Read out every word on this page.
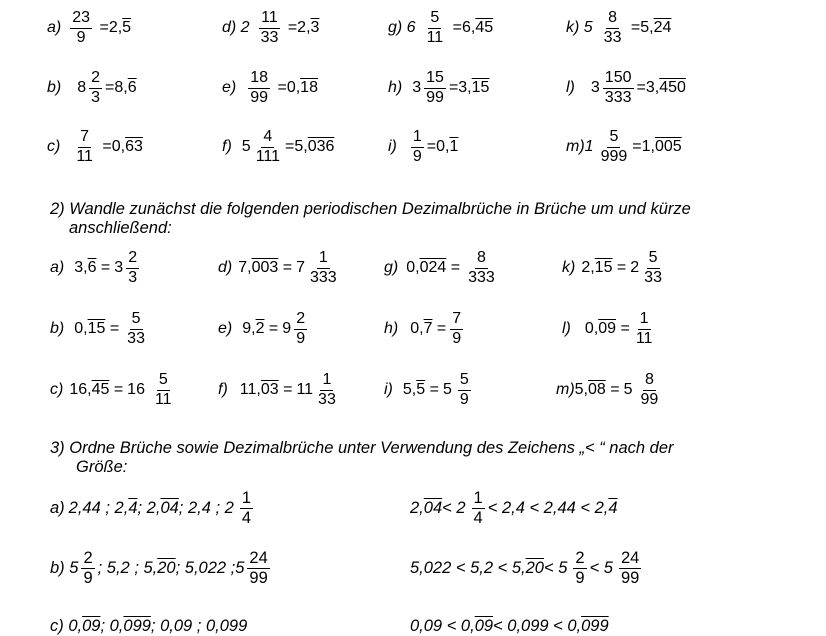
$a) \frac{23}{9} = 2$, 5	d) $2 \frac{11}{33} = 2$, 3	g) $6 \frac{5}{11} = 6$, 45	k) $5 \frac{8}{33} = 5$, 24
b) $8 \frac{2}{3} = 8$, 6	$e) \frac{18}{99} = 0$, 18	h) $3 \frac{15}{99} = 3$, 15	l) $3 \frac{150}{333} = 3$, 450
$c) \frac{7}{11} = 0$, 63	f) $5 \frac{4}{111} = 5$, 036	$i) \frac{1}{9} = 0$, 1	$m)1 \frac{5}{999} = 1$, 005
2) Wandle zunächst die folgenden periodischen Dezimalbrüche in Brüche um und kürze
anschließend:
a) 3, $6 = 3 \frac{2}{3}$	d) 7, $003 = 7 \frac{1}{333}$	g) 0, $024 = \frac{8}{333}$	k) 2, $15 = 2 \frac{5}{33}$
b) 0, $15 = \frac{5}{33}$	e) 9, $2 = 9 \frac{2}{9}$	h) 0, $7 = \frac{7}{9}$	l) 0, $09 = \frac{1}{11}$
c) 16, $45 = 16 \frac{5}{11}$	f) 11, $03 = 11 \frac{1}{33}$	i) 5, $5 = 5 \frac{5}{9}$	m) 5, $08 = 5 \frac{8}{99}$
3) Ordne Brüche sowie Dezimalbrüche unter Verwendung des Zeichens „< “ nach der
Größe:
a) 2,44 ; 2, 4 ; 2, 04 ; 2,4 ; $2 \frac{1}{4}$	2, $04 < 2 \frac{1}{4} < 2,4 < 2,44 < 2$, 4
b) $5 \frac{2}{9}$ ; 5,2 ; 5, 20 ; 5,022 ;5 $\frac{24}{99}$	5,022 < 5,2 < 5, $20 < 5 \frac{2}{9} < 5 \frac{24}{99}$
c) 0, 09 ; 0, 099 ; 0,09 ; 0,099	0,09 < 0, 09 < 0,099 < 0, 099
